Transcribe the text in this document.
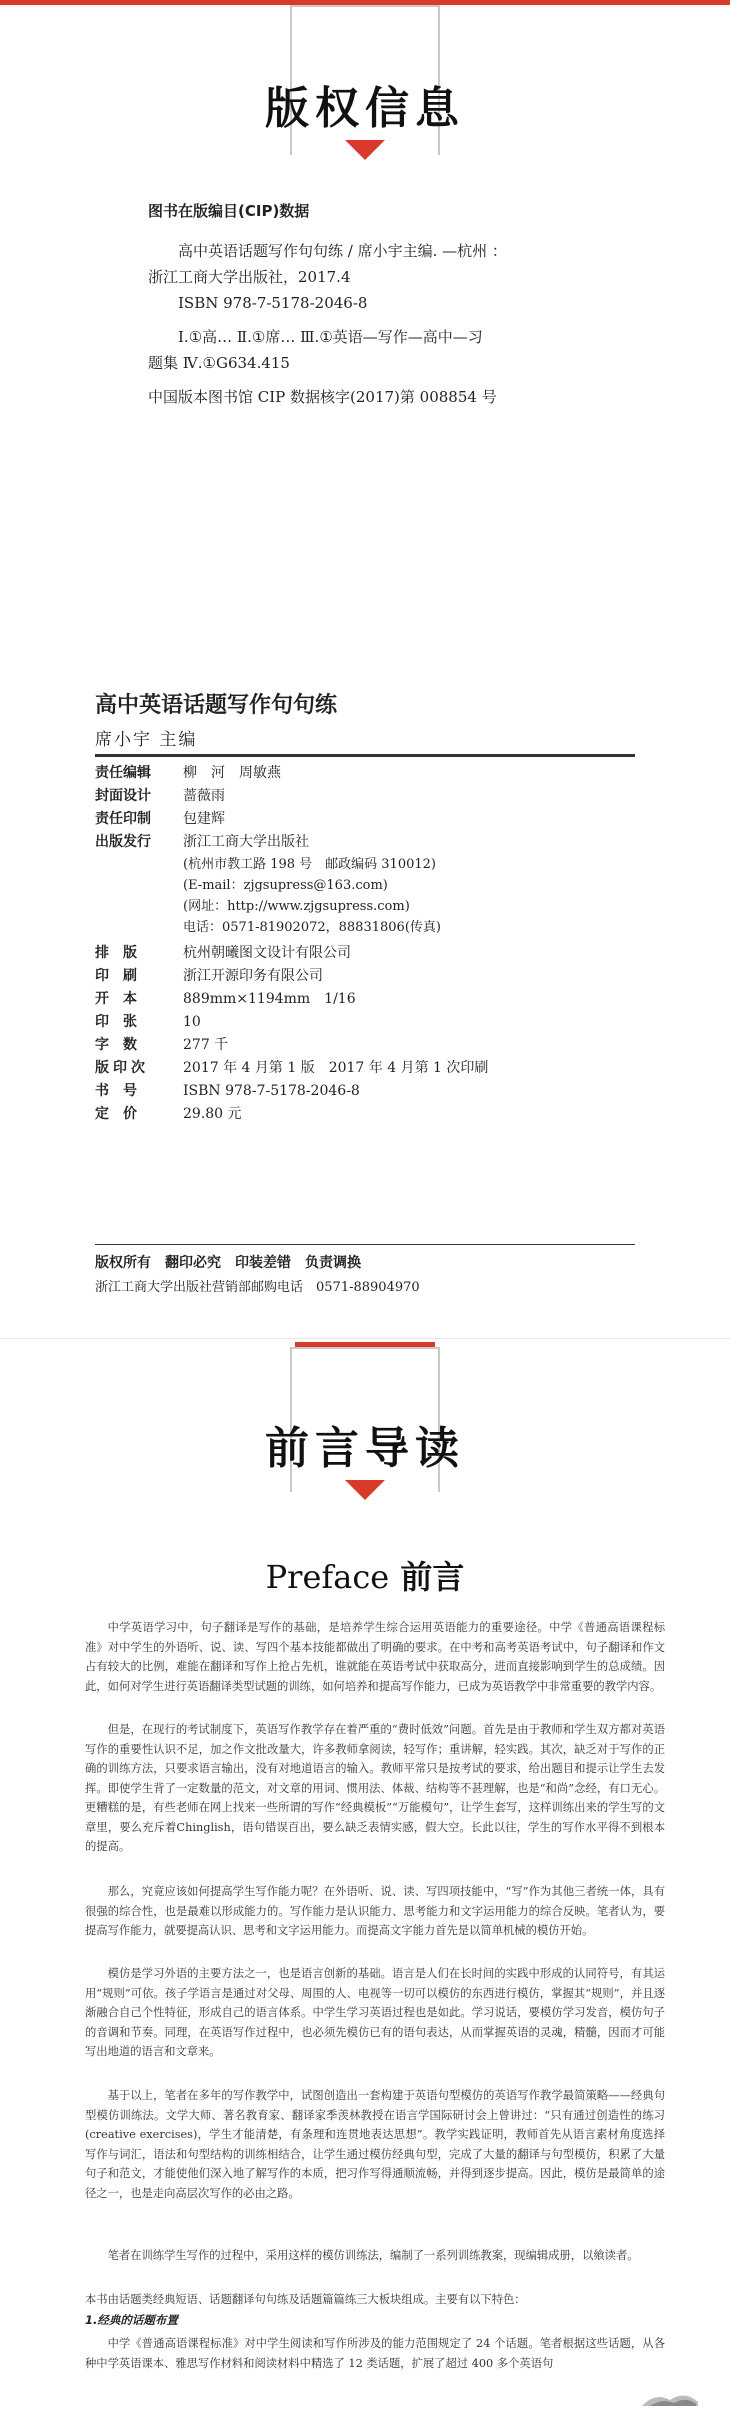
版权信息
图书在版编目(CIP)数据
高中英语话题写作句句练 / 席小宇主编. —杭州 ：
浙江工商大学出版社，2017.4
ISBN 978-7-5178-2046-8
Ⅰ.①高… Ⅱ.①席… Ⅲ.①英语—写作—高中—习
题集 Ⅳ.①G634.415
中国版本图书馆 CIP 数据核字(2017)第 008854 号
高中英语话题写作句句练
席小宇 主编
责任编辑 柳　河　周敏燕
封面设计 蔷薇雨
责任印制 包建辉
出版发行 浙江工商大学出版社
(杭州市教工路 198 号　邮政编码 310012)
(E-mail：zjgsupress@163.com)
(网址：http://www.zjgsupress.com)
电话：0571-81902072，88831806(传真)
排版 杭州朝曦图文设计有限公司
印刷 浙江开源印务有限公司
开本 889mm×1194mm　1/16
印张 10
字数 277 千
版印次 2017 年 4 月第 1 版　2017 年 4 月第 1 次印刷
书号 ISBN 978-7-5178-2046-8
定价 29.80 元
版权所有　翻印必究　印装差错　负责调换
浙江工商大学出版社营销部邮购电话　0571-88904970
前言导读
Preface 前言
中学英语学习中，句子翻译是写作的基础，是培养学生综合运用英语能力的重要途径。中学《普通高语课程标准》对中学生的外语听、说、读、写四个基本技能都做出了明确的要求。在中考和高考英语考试中，句子翻译和作文占有较大的比例，难能在翻译和写作上抢占先机，谁就能在英语考试中获取高分，进而直接影响到学生的总成绩。因此，如何对学生进行英语翻译类型试题的训练，如何培养和提高写作能力，已成为英语教学中非常重要的教学内容。
但是，在现行的考试制度下，英语写作教学存在着严重的“费时低效”问题。首先是由于教师和学生双方都对英语写作的重要性认识不足，加之作文批改量大，许多教师拿阅读，轻写作；重讲解，轻实践。其次，缺乏对于写作的正确的训练方法，只要求语言输出，没有对地道语言的输入。教师平常只是按考试的要求，给出题目和提示让学生去发挥。即使学生背了一定数量的范文，对文章的用词、惯用法、体裁、结构等不甚理解，也是“和尚”念经，有口无心。更糟糕的是，有些老师在网上找来一些所谓的写作“经典模板”“万能模句”，让学生套写，这样训练出来的学生写的文章里，要么充斥着Chinglish，语句错误百出，要么缺乏表情实感，假大空。长此以往，学生的写作水平得不到根本的提高。
那么，究竟应该如何提高学生写作能力呢？在外语听、说、读、写四项技能中，“写”作为其他三者统一体，具有很强的综合性，也是最难以形成能力的。写作能力是认识能力、思考能力和文字运用能力的综合反映。笔者认为，要提高写作能力，就要提高认识、思考和文字运用能力。而提高文字能力首先是以简单机械的模仿开始。
模仿是学习外语的主要方法之一，也是语言创新的基础。语言是人们在长时间的实践中形成的认同符号，有其运用“规则”可依。孩子学语言是通过对父母、周围的人、电视等一切可以模仿的东西进行模仿，掌握其“规则”，并且逐渐融合自己个性特征，形成自己的语言体系。中学生学习英语过程也是如此。学习说话，要模仿学习发音，模仿句子的音调和节奏。同理，在英语写作过程中，也必须先模仿已有的语句表达，从而掌握英语的灵魂，精髓，因而才可能写出地道的语言和文章来。
基于以上，笔者在多年的写作教学中，试图创造出一套构建于英语句型模仿的英语写作教学最简策略——经典句型模仿训练法。文学大师、著名教育家、翻译家季羡林教授在语言学国际研讨会上曾讲过：“只有通过创造性的练习(creative exercises)，学生才能清楚，有条理和连贯地表达思想”。教学实践证明，教师首先从语言素材角度选择写作与词汇，语法和句型结构的训练相结合，让学生通过模仿经典句型，完成了大量的翻译与句型模仿，积累了大量句子和范文，才能使他们深入地了解写作的本质，把习作写得通顺流畅，并得到逐步提高。因此，模仿是最简单的途径之一，也是走向高层次写作的必由之路。
笔者在训练学生写作的过程中，采用这样的模仿训练法，编制了一系列训练教案，现编辑成册，以飨读者。
本书由话题类经典短语、话题翻译句句练及话题篇篇练三大板块组成。主要有以下特色：
1.经典的话题布置
中学《普通高语课程标准》对中学生阅读和写作所涉及的能力范围规定了 24 个话题。笔者根据这些话题，从各种中学英语课本、雅思写作材料和阅读材料中精选了 12 类话题，扩展了超过 400 多个英语句
